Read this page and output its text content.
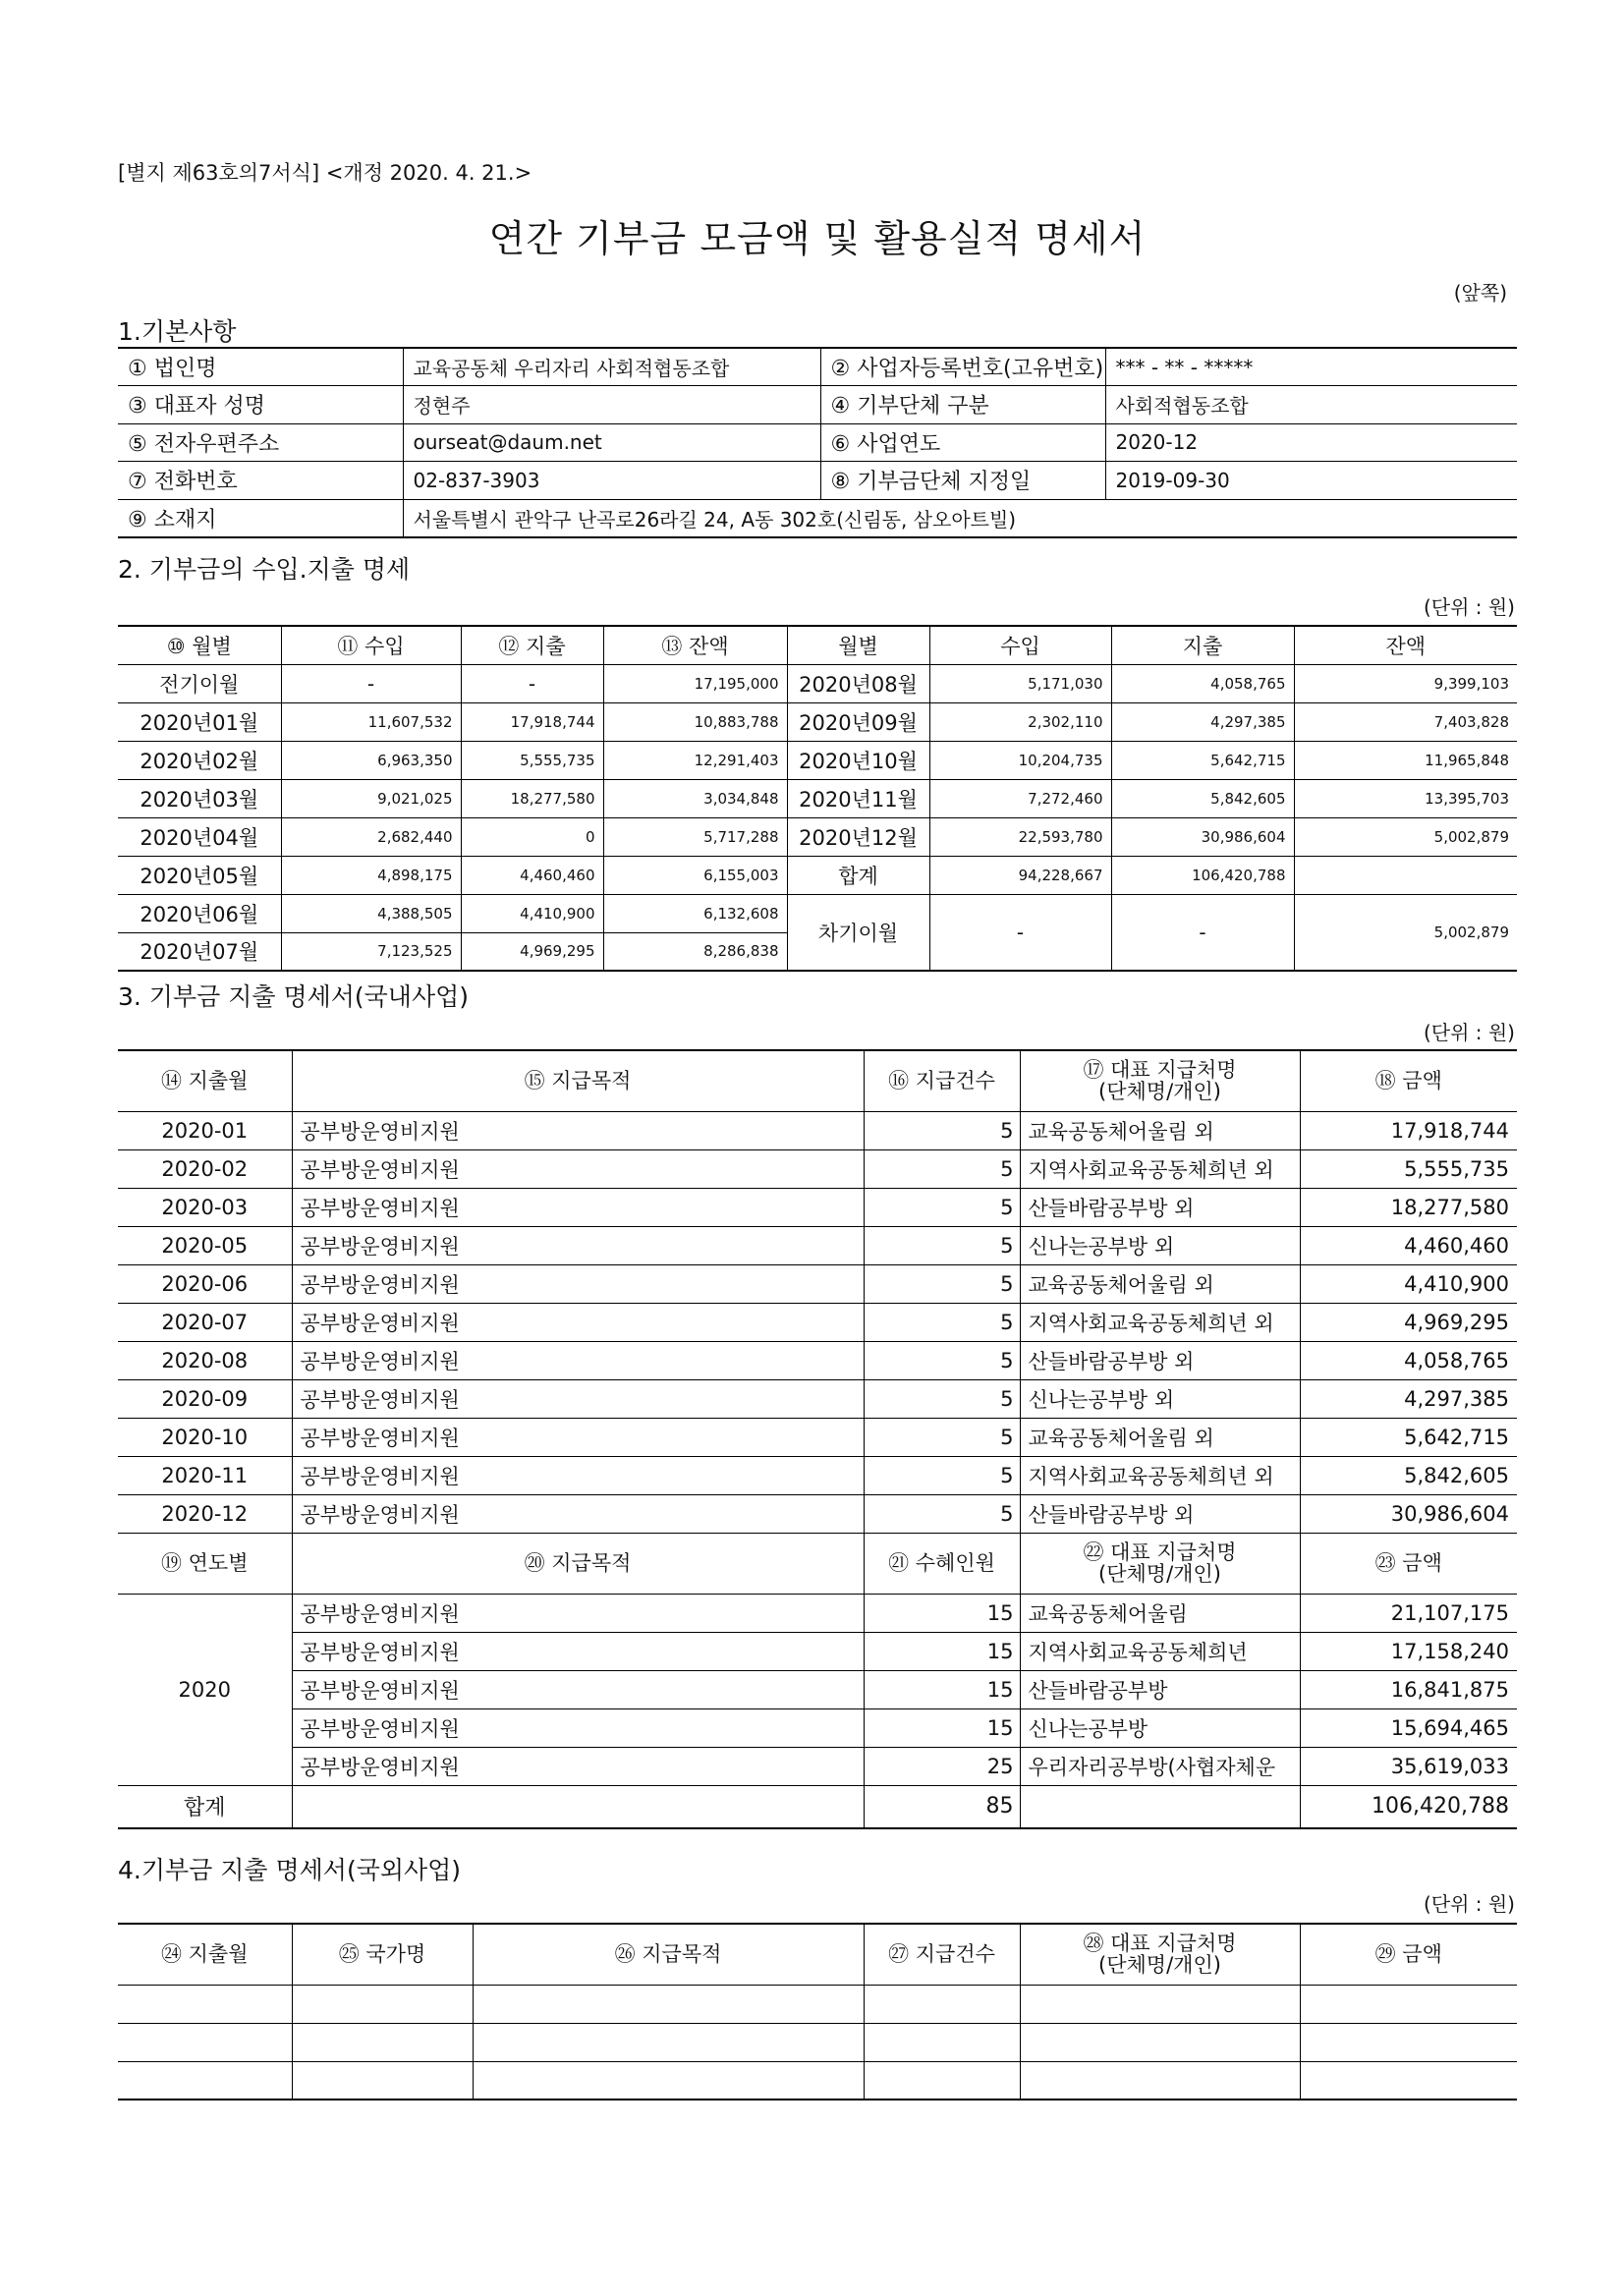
[별지 제63호의7서식] <개정 2020. 4. 21.>
연간 기부금 모금액 및 활용실적 명세서
(앞쪽)
1.기본사항
① 법인명	교육공동체 우리자리 사회적협동조합	② 사업자등록번호(고유번호)	*** - ** - *****
③ 대표자 성명	정현주	④ 기부단체 구분	사회적협동조합
⑤ 전자우편주소	ourseat@daum.net	⑥ 사업연도	2020-12
⑦ 전화번호	02-837-3903	⑧ 기부금단체 지정일	2019-09-30
⑨ 소재지	서울특별시 관악구 난곡로26라길 24, A동 302호(신림동, 삼오아트빌)		
2. 기부금의 수입.지출 명세
(단위 : 원)
⑩ 월별	⑪ 수입	⑫ 지출	⑬ 잔액	월별	수입	지출	잔액
전기이월	-	-	17,195,000	2020년08월	5,171,030	4,058,765	9,399,103
2020년01월	11,607,532	17,918,744	10,883,788	2020년09월	2,302,110	4,297,385	7,403,828
2020년02월	6,963,350	5,555,735	12,291,403	2020년10월	10,204,735	5,642,715	11,965,848
2020년03월	9,021,025	18,277,580	3,034,848	2020년11월	7,272,460	5,842,605	13,395,703
2020년04월	2,682,440	0	5,717,288	2020년12월	22,593,780	30,986,604	5,002,879
2020년05월	4,898,175	4,460,460	6,155,003	합계	94,228,667	106,420,788	
2020년06월	4,388,505	4,410,900	6,132,608	차기이월	-	-	5,002,879
2020년07월	7,123,525	4,969,295	8,286,838				
3. 기부금 지출 명세서(국내사업)
(단위 : 원)
⑭ 지출월	⑮ 지급목적	⑯ 지급건수	⑰ 대표 지급처명
(단체명/개인)	⑱ 금액
2020-01	공부방운영비지원	5	교육공동체어울림 외	17,918,744
2020-02	공부방운영비지원	5	지역사회교육공동체희년 외	5,555,735
2020-03	공부방운영비지원	5	산들바람공부방 외	18,277,580
2020-05	공부방운영비지원	5	신나는공부방 외	4,460,460
2020-06	공부방운영비지원	5	교육공동체어울림 외	4,410,900
2020-07	공부방운영비지원	5	지역사회교육공동체희년 외	4,969,295
2020-08	공부방운영비지원	5	산들바람공부방 외	4,058,765
2020-09	공부방운영비지원	5	신나는공부방 외	4,297,385
2020-10	공부방운영비지원	5	교육공동체어울림 외	5,642,715
2020-11	공부방운영비지원	5	지역사회교육공동체희년 외	5,842,605
2020-12	공부방운영비지원	5	산들바람공부방 외	30,986,604
⑲ 연도별	⑳ 지급목적	㉑ 수혜인원	㉒ 대표 지급처명
(단체명/개인)	㉓ 금액
2020	공부방운영비지원	15	교육공동체어울림	21,107,175
	공부방운영비지원	15	지역사회교육공동체희년	17,158,240
	공부방운영비지원	15	산들바람공부방	16,841,875
	공부방운영비지원	15	신나는공부방	15,694,465
	공부방운영비지원	25	우리자리공부방(사협자체운	35,619,033
합계		85		106,420,788
4.기부금 지출 명세서(국외사업)
(단위 : 원)
㉔ 지출월	㉕ 국가명	㉖ 지급목적	㉗ 지급건수	㉘ 대표 지급처명
(단체명/개인)	㉙ 금액
